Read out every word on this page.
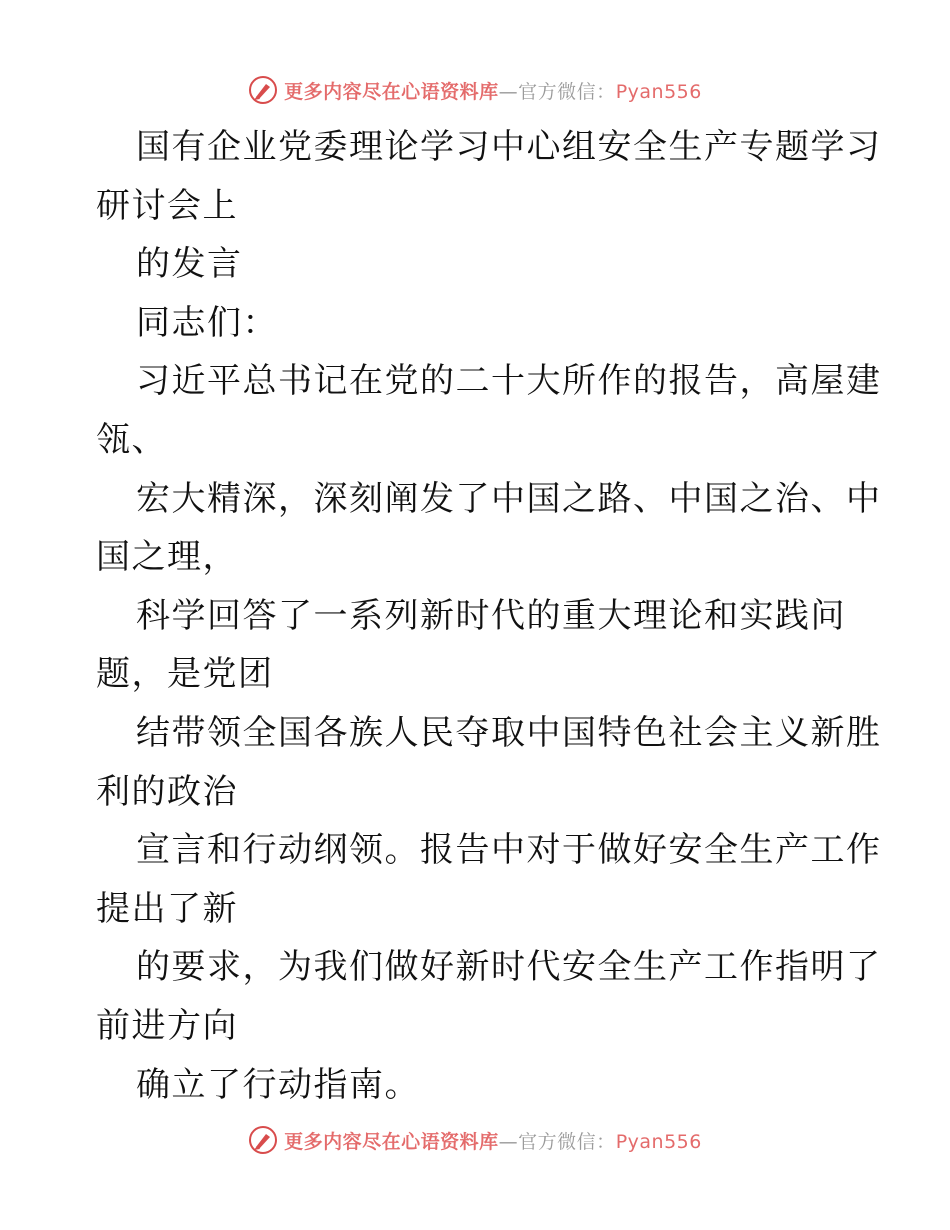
更多内容尽在心语资料库—官方微信：Pyan556
国有企业党委理论学习中心组安全生产专题学习
研讨会上
的发言
同志们：
习近平总书记在党的二十大所作的报告，高屋建
瓴、
宏大精深，深刻阐发了中国之路、中国之治、中
国之理，
科学回答了一系列新时代的重大理论和实践问
题，是党团
结带领全国各族人民夺取中国特色社会主义新胜
利的政治
宣言和行动纲领。报告中对于做好安全生产工作
提出了新
的要求，为我们做好新时代安全生产工作指明了
前进方向
确立了行动指南。
更多内容尽在心语资料库—官方微信：Pyan556
